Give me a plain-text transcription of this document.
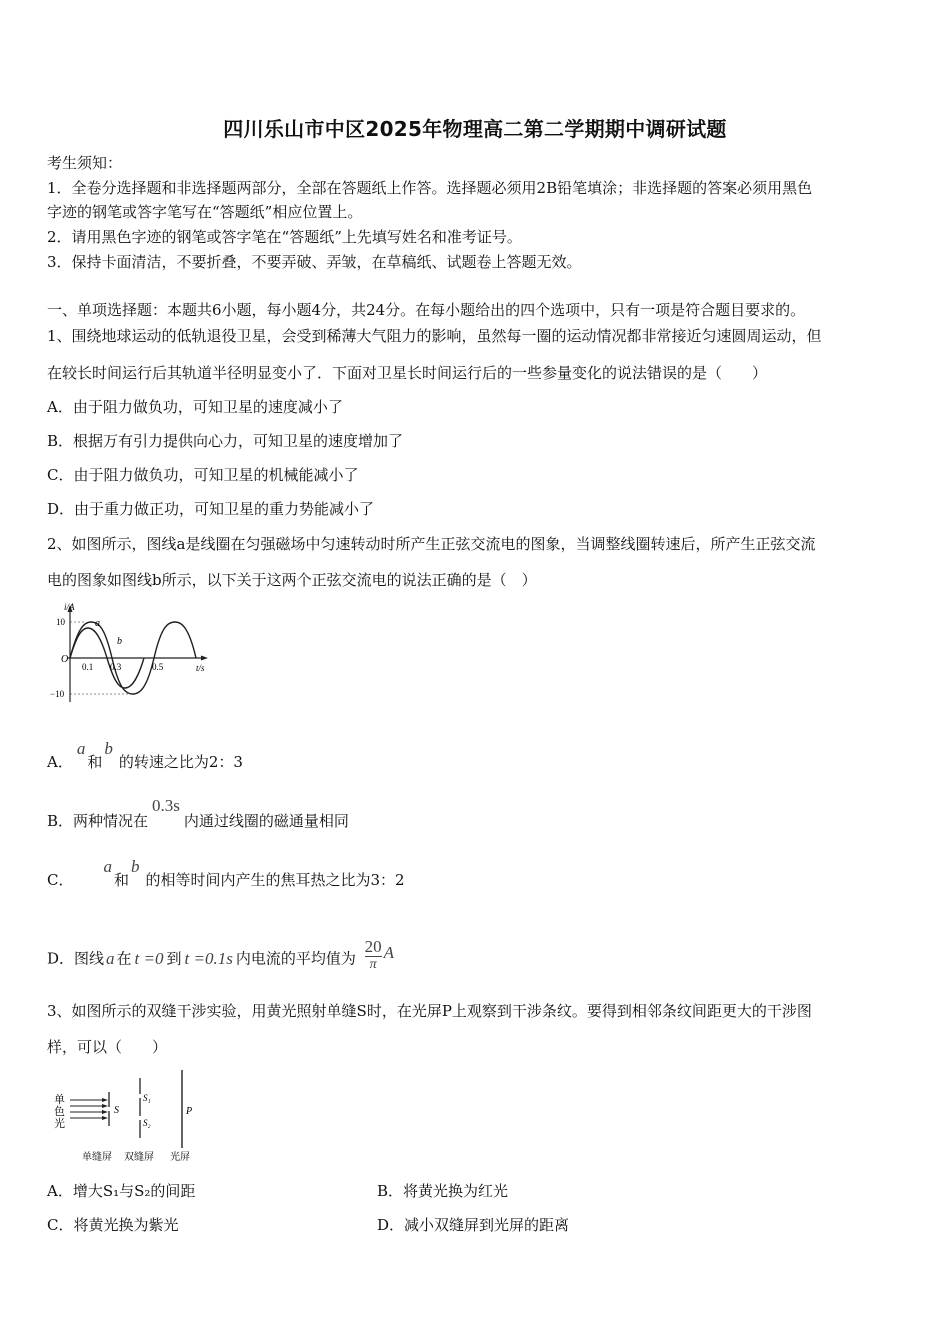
四川乐山市中区2025年物理高二第二学期期中调研试题
考生须知：
1．全卷分选择题和非选择题两部分，全部在答题纸上作答。选择题必须用2B铅笔填涂；非选择题的答案必须用黑色
字迹的钢笔或答字笔写在“答题纸”相应位置上。
2．请用黑色字迹的钢笔或答字笔在“答题纸”上先填写姓名和准考证号。
3．保持卡面清洁，不要折叠，不要弄破、弄皱，在草稿纸、试题卷上答题无效。
一、单项选择题：本题共6小题，每小题4分，共24分。在每小题给出的四个选项中，只有一项是符合题目要求的。
1、围绕地球运动的低轨退役卫星，会受到稀薄大气阻力的影响，虽然每一圈的运动情况都非常接近匀速圆周运动，但
在较长时间运行后其轨道半径明显变小了．下面对卫星长时间运行后的一些参量变化的说法错误的是（　　）
A．由于阻力做负功，可知卫星的速度减小了
B．根据万有引力提供向心力，可知卫星的速度增加了
C．由于阻力做负功，可知卫星的机械能减小了
D．由于重力做正功，可知卫星的重力势能减小了
2、如图所示，图线a是线圈在匀强磁场中匀速转动时所产生正弦交流电的图象，当调整线圈转速后，所产生正弦交流
电的图象如图线b所示，以下关于这两个正弦交流电的说法正确的是（　）
i/A
t/s
10
−10
O
0.1 0.3	0.5
a
b
A．a和b的转速之比为2：3
B．两种情况在0.3s内通过线圈的磁通量相同
C．a和b的相等时间内产生的焦耳热之比为3：2
D．图线 a 在 t =0 到 t =0.1s 内电流的平均值为
20
π
A
3、如图所示的双缝干涉实验，用黄光照射单缝S时，在光屏P上观察到干涉条纹。要得到相邻条纹间距更大的干涉图
样，可以（　　）
单
色
光
S
S₁
S₂
P
单缝屏 双缝屏 光屏
A．增大S₁与S₂的间距	B．将黄光换为红光
C．将黄光换为紫光	D．减小双缝屏到光屏的距离
